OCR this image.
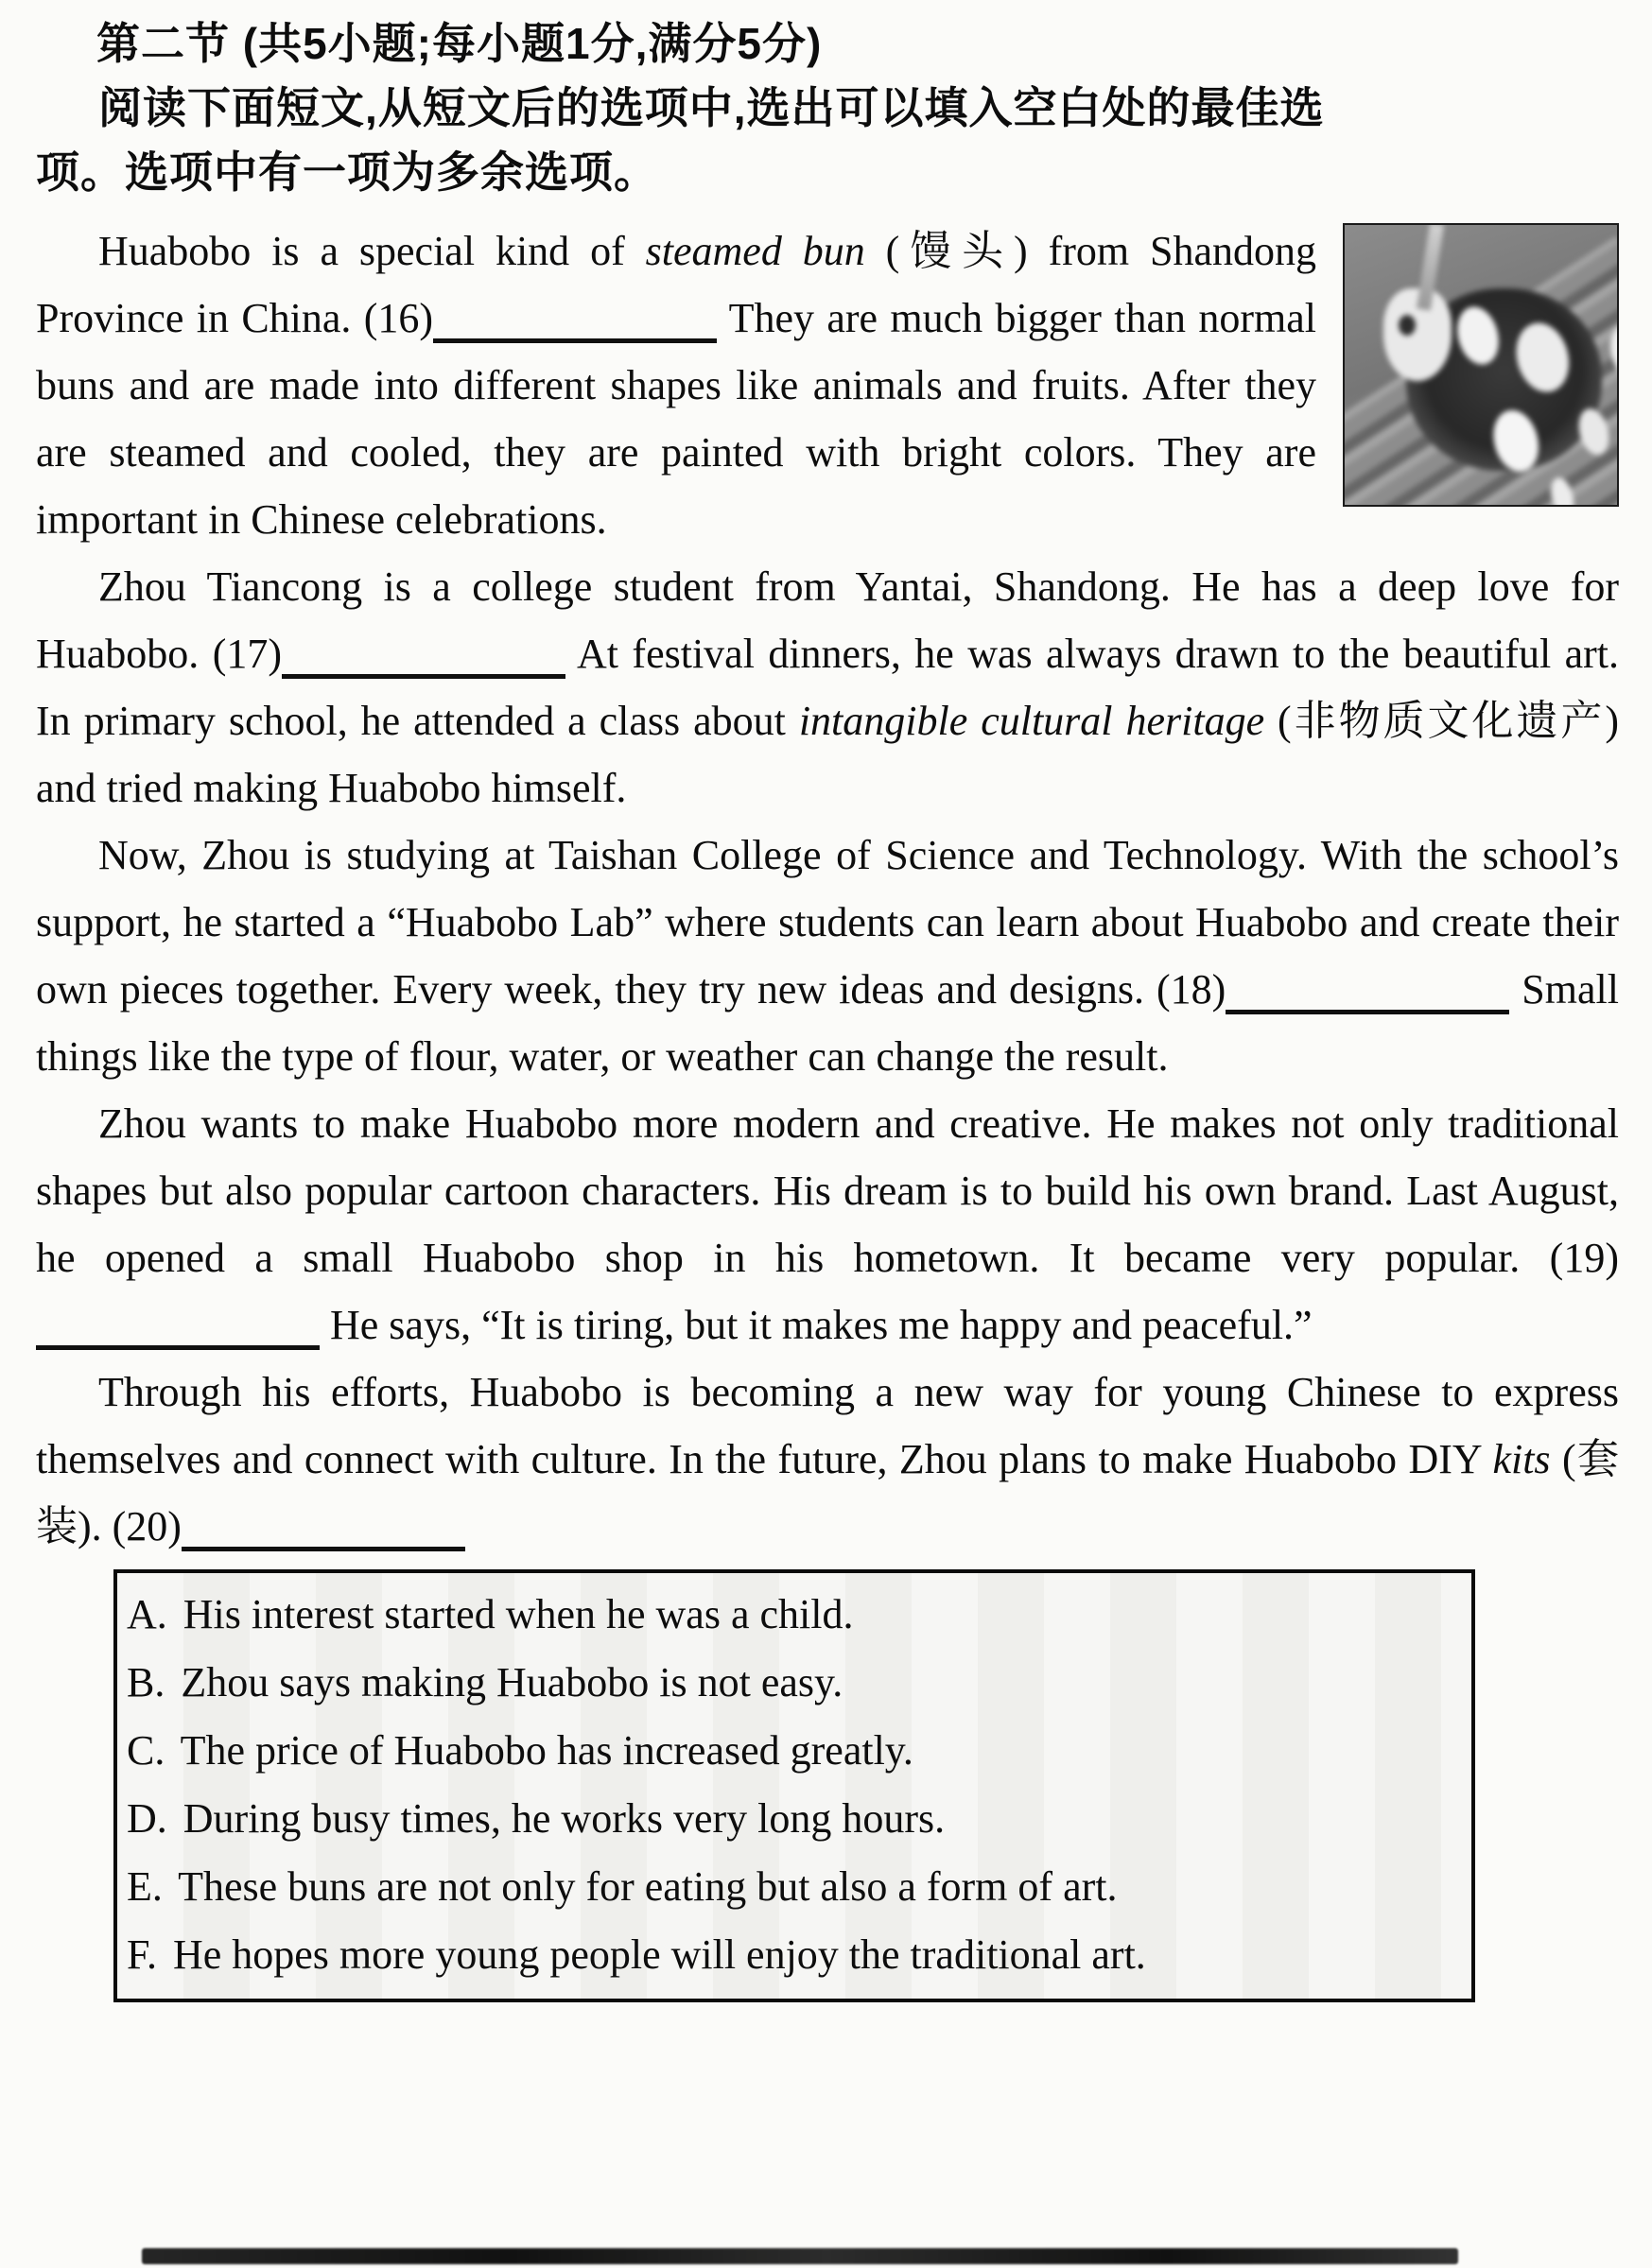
第二节 (共5小题;每小题1分,满分5分)
阅读下面短文,从短文后的选项中,选出可以填入空白处的最佳选
项。选项中有一项为多余选项。

Huabobo is a special kind of steamed bun (馒头) from Shandong Province in China. (16)	They are much bigger than normal buns and are made into different shapes like animals and fruits. After they are steamed and cooled, they are painted with bright colors. They are important in Chinese celebrations.

Zhou Tiancong is a college student from Yantai, Shandong. He has a deep love for Huabobo. (17)	At festival dinners, he was always drawn to the beautiful art. In primary school, he attended a class about intangible cultural heritage (非物质文化遗产) and tried making Huabobo himself.

Now, Zhou is studying at Taishan College of Science and Technology. With the school’s support, he started a “Huabobo Lab” where students can learn about Huabobo and create their own pieces together. Every week, they try new ideas and designs. (18)	Small things like the type of flour, water, or weather can change the result.

Zhou wants to make Huabobo more modern and creative. He makes not only traditional shapes but also popular cartoon characters. His dream is to build his own brand. Last August, he opened a small Huabobo shop in his hometown. It became very popular. (19) He says, “It is tiring, but it makes me happy and peaceful.”

Through his efforts, Huabobo is becoming a new way for young Chinese to express themselves and connect with culture. In the future, Zhou plans to make Huabobo DIY kits (套装). (20)

A. His interest started when he was a child.
B. Zhou says making Huabobo is not easy.
C. The price of Huabobo has increased greatly.
D. During busy times, he works very long hours.
E. These buns are not only for eating but also a form of art.
F. He hopes more young people will enjoy the traditional art.
